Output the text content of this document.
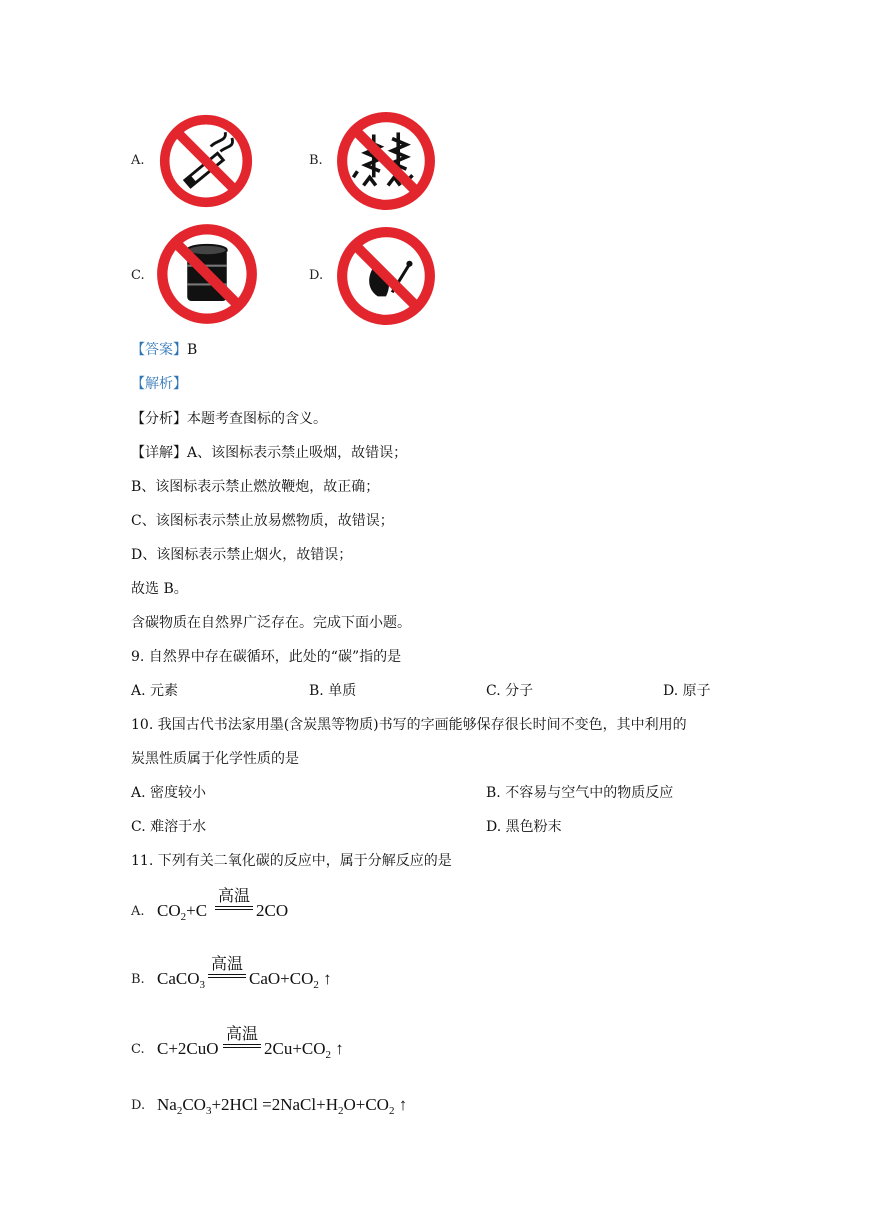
A.	B.
C.	D.
【答案】B
【解析】
【分析】本题考查图标的含义。
【详解】A、该图标表示禁止吸烟，故错误；
B、该图标表示禁止燃放鞭炮，故正确；
C、该图标表示禁止放易燃物质，故错误；
D、该图标表示禁止烟火，故错误；
故选 B。
含碳物质在自然界广泛存在。完成下面小题。
9. 自然界中存在碳循环，此处的“碳”指的是
A. 元素	B. 单质	C. 分子	D. 原子
10. 我国古代书法家用墨(含炭黑等物质)书写的字画能够保存很长时间不变色，其中利用的
炭黑性质属于化学性质的是
A. 密度较小	B. 不容易与空气中的物质反应
C. 难溶于水	D. 黑色粉末
11. 下列有关二氧化碳的反应中，属于分解反应的是
A. $CO_2+C$
高温
2CO
B. CaCO$_3$
高温
$CaO+CO_2$ ↑
C. C+2CuO
高温
$2Cu+CO_2$ ↑
D. $Na_2CO_3+2HCl$ $=2NaCl+H_2O+CO_2$ ↑
